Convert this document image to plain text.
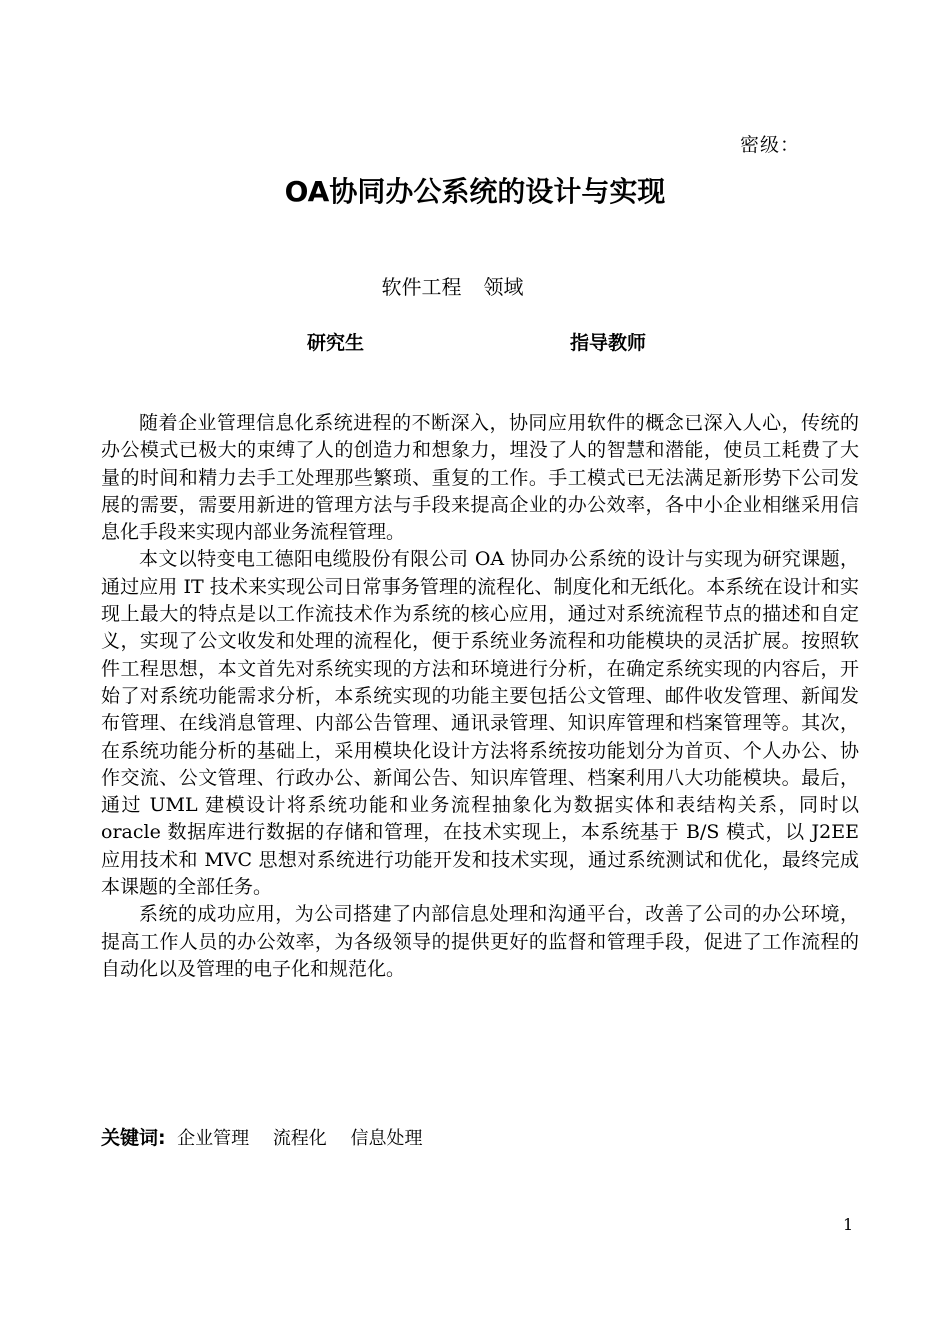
密级：
OA协同办公系统的设计与实现
软件工程 领域
研究生	指导教师

随着企业管理信息化系统进程的不断深入，协同应用软件的概念已深入人心，传统的办公模式已极大的束缚了人的创造力和想象力，埋没了人的智慧和潜能，使员工耗费了大量的时间和精力去手工处理那些繁琐、重复的工作。手工模式已无法满足新形势下公司发展的需要，需要用新进的管理方法与手段来提高企业的办公效率，各中小企业相继采用信息化手段来实现内部业务流程管理。

本文以特变电工德阳电缆股份有限公司 OA 协同办公系统的设计与实现为研究课题，通过应用 IT 技术来实现公司日常事务管理的流程化、制度化和无纸化。本系统在设计和实现上最大的特点是以工作流技术作为系统的核心应用，通过对系统流程节点的描述和自定义，实现了公文收发和处理的流程化，便于系统业务流程和功能模块的灵活扩展。按照软件工程思想，本文首先对系统实现的方法和环境进行分析，在确定系统实现的内容后，开始了对系统功能需求分析，本系统实现的功能主要包括公文管理、邮件收发管理、新闻发布管理、在线消息管理、内部公告管理、通讯录管理、知识库管理和档案管理等。其次，在系统功能分析的基础上，采用模块化设计方法将系统按功能划分为首页、个人办公、协作交流、公文管理、行政办公、新闻公告、知识库管理、档案利用八大功能模块。最后，通过 UML 建模设计将系统功能和业务流程抽象化为数据实体和表结构关系，同时以 oracle 数据库进行数据的存储和管理，在技术实现上，本系统基于 B/S 模式，以 J2EE 应用技术和 MVC 思想对系统进行功能开发和技术实现，通过系统测试和优化，最终完成本课题的全部任务。

系统的成功应用，为公司搭建了内部信息处理和沟通平台，改善了公司的办公环境，提高工作人员的办公效率，为各级领导的提供更好的监督和管理手段，促进了工作流程的自动化以及管理的电子化和规范化。

关键词: 企业管理 流程化 信息处理
1
